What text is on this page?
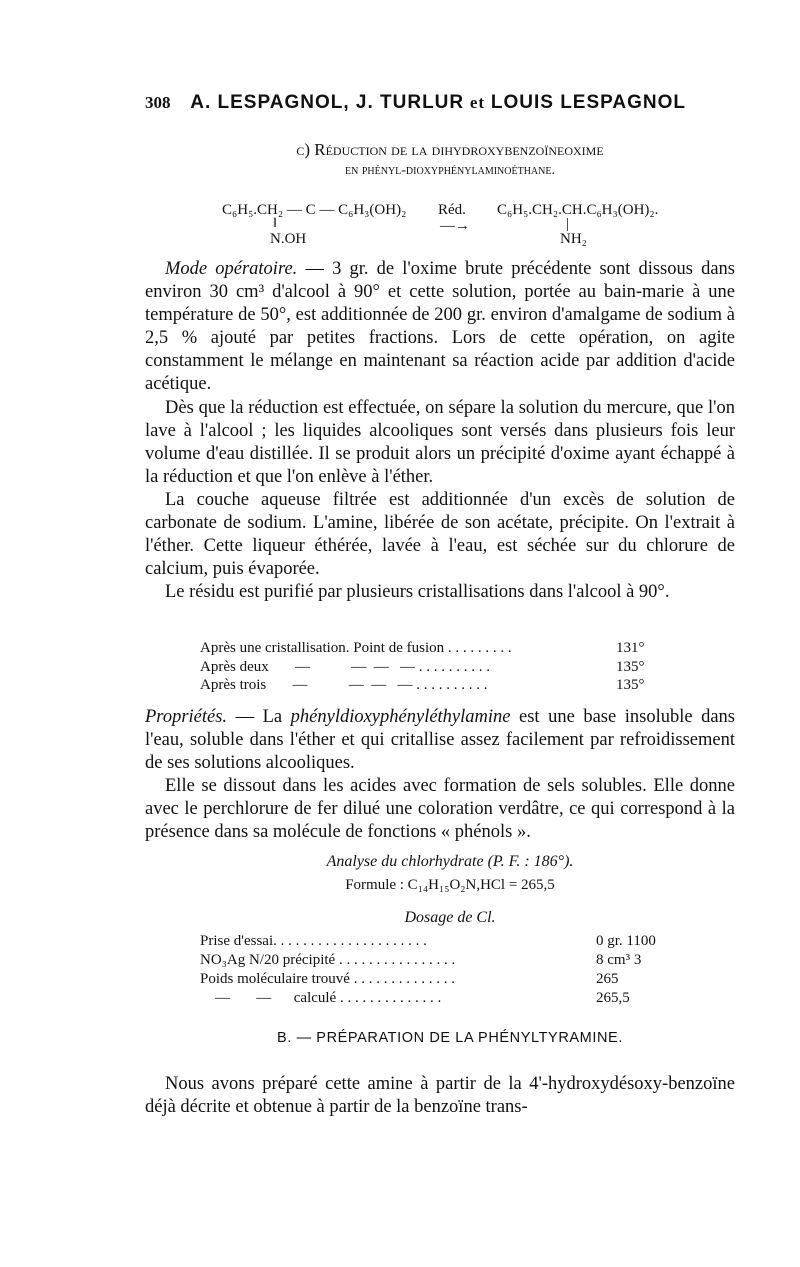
308 A. LESPAGNOL, J. TURLUR et LOUIS LESPAGNOL
c) Réduction de la dihydroxybenzoïneoxime
en phényl-dioxyphénylaminoéthane.
C₆H₅.CH₂ — C — C₆H₃(OH)₂
‖
N.OH
Réd.
—→
C₆H₅.CH₂.CH.C₆H₃(OH)₂.
|
NH₂

Mode opératoire. — 3 gr. de l'oxime brute précédente sont dissous dans environ 30 cm³ d'alcool à 90° et cette solution, portée au bain-marie à une température de 50°, est additionnée de 200 gr. environ d'amalgame de sodium à 2,5 % ajouté par petites fractions. Lors de cette opération, on agite constamment le mélange en maintenant sa réaction acide par addition d'acide acétique.

Dès que la réduction est effectuée, on sépare la solution du mercure, que l'on lave à l'alcool ; les liquides alcooliques sont versés dans plusieurs fois leur volume d'eau distillée. Il se produit alors un précipité d'oxime ayant échappé à la réduction et que l'on enlève à l'éther.

La couche aqueuse filtrée est additionnée d'un excès de solution de carbonate de sodium. L'amine, libérée de son acétate, précipite. On l'extrait à l'éther. Cette liqueur éthérée, lavée à l'eau, est séchée sur du chlorure de calcium, puis évaporée.

Le résidu est purifié par plusieurs cristallisations dans l'alcool à 90°.

Après une cristallisation. Point de fusion . . . . . . . . .	131°
Après deux       —           —  —   — . . . . . . . . . .	135°
Après trois       —           —  —   — . . . . . . . . . .	135°

Propriétés. — La phényldioxyphényléthylamine est une base insoluble dans l'eau, soluble dans l'éther et qui critallise assez facilement par refroidissement de ses solutions alcooliques.

Elle se dissout dans les acides avec formation de sels solubles. Elle donne avec le perchlorure de fer dilué une coloration verdâtre, ce qui correspond à la présence dans sa molécule de fonctions « phénols ».

Analyse du chlorhydrate (P. F. : 186°).
Formule : C₁₄H₁₅O₂N,HCl = 265,5
Dosage de Cl.
Prise d'essai. . . . . . . . . . . . . . . . . . . . .	0 gr. 1100
NO₃Ag N/20 précipité . . . . . . . . . . . . . . . .	8 cm³ 3
Poids moléculaire trouvé . . . . . . . . . . . . . .	265
—       —      calculé . . . . . . . . . . . . . .	265,5
B. — PRÉPARATION DE LA PHÉNYLTYRAMINE.

Nous avons préparé cette amine à partir de la 4'-hydroxydésoxy-benzoïne déjà décrite et obtenue à partir de la benzoïne trans-
